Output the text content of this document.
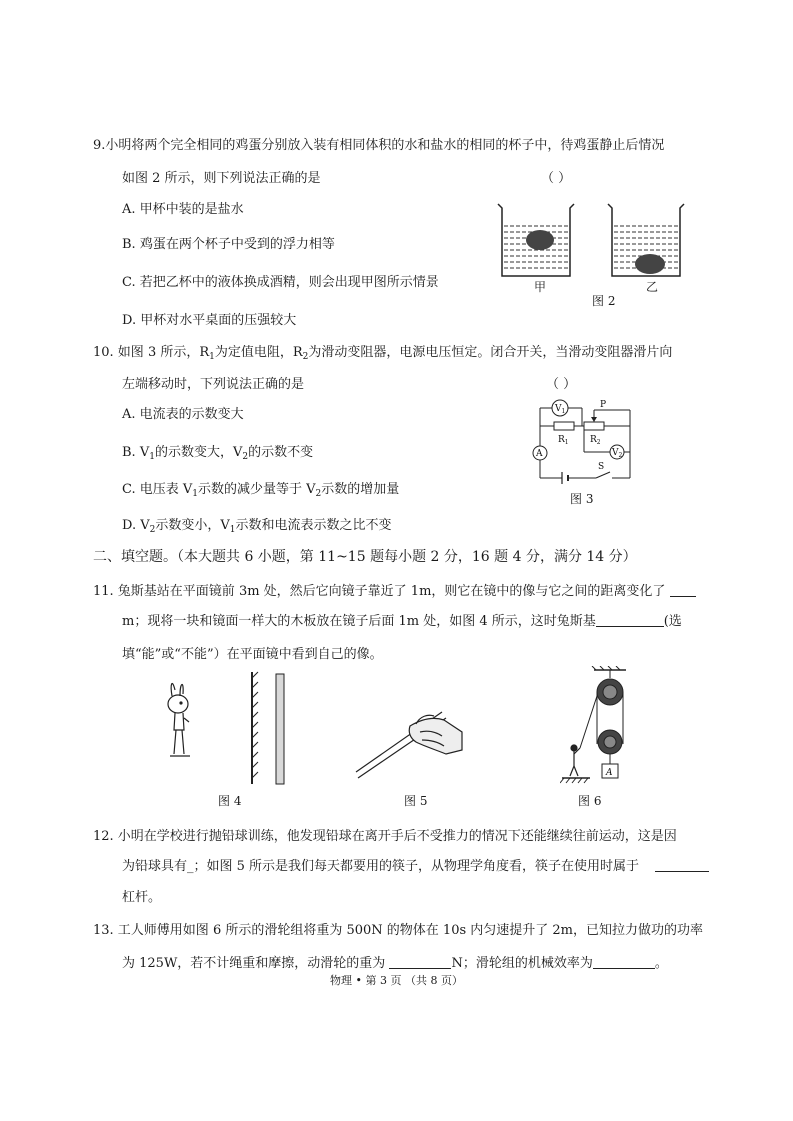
9.小明将两个完全相同的鸡蛋分别放入装有相同体积的水和盐水的相同的杯子中，待鸡蛋静止后情况
如图 2 所示，则下列说法正确的是	（ ）
A. 甲杯中装的是盐水
B. 鸡蛋在两个杯子中受到的浮力相等
C. 若把乙杯中的液体换成酒精，则会出现甲图所示情景
D. 甲杯对水平桌面的压强较大
甲	乙
图 2
10. 如图 3 所示，$R_1$为定值电阻，$R_2$为滑动变阻器，电源电压恒定。闭合开关，当滑动变阻器滑片向
左端移动时，下列说法正确的是	（ ）
A. 电流表的示数变大
B. $V_1$的示数变大，$V_2$的示数不变
C. 电压表 $V_1$示数的减少量等于 $V_2$示数的增加量
D. $V_2$示数变小，$V_1$示数和电流表示数之比不变
$V_1$
A	$V_2$
P
$R_1$ $R_2$
S
图 3
二、填空题。（本大题共 6 小题，第 11~15 题每小题 2 分，16 题 4 分，满分 14 分）
11. 兔斯基站在平面镜前 3m 处，然后它向镜子靠近了 1m，则它在镜中的像与它之间的距离变化了
m；现将一块和镜面一样大的木板放在镜子后面 1m 处，如图 4 所示，这时兔斯基	(选
填“能”或“不能”）在平面镜中看到自己的像。
图 4	图 5
A
图 6
12. 小明在学校进行抛铅球训练，他发现铅球在离开手后不受推力的情况下还能继续往前运动，这是因
为铅球具有_；如图 5 所示是我们每天都要用的筷子，从物理学角度看，筷子在使用时属于
杠杆。
13. 工人师傅用如图 6 所示的滑轮组将重为 500N 的物体在 10s 内匀速提升了 2m，已知拉力做功的功率
为 125W，若不计绳重和摩擦，动滑轮的重为	N；滑轮组的机械效率为	。
物理 • 第 3 页 （共 8 页）
